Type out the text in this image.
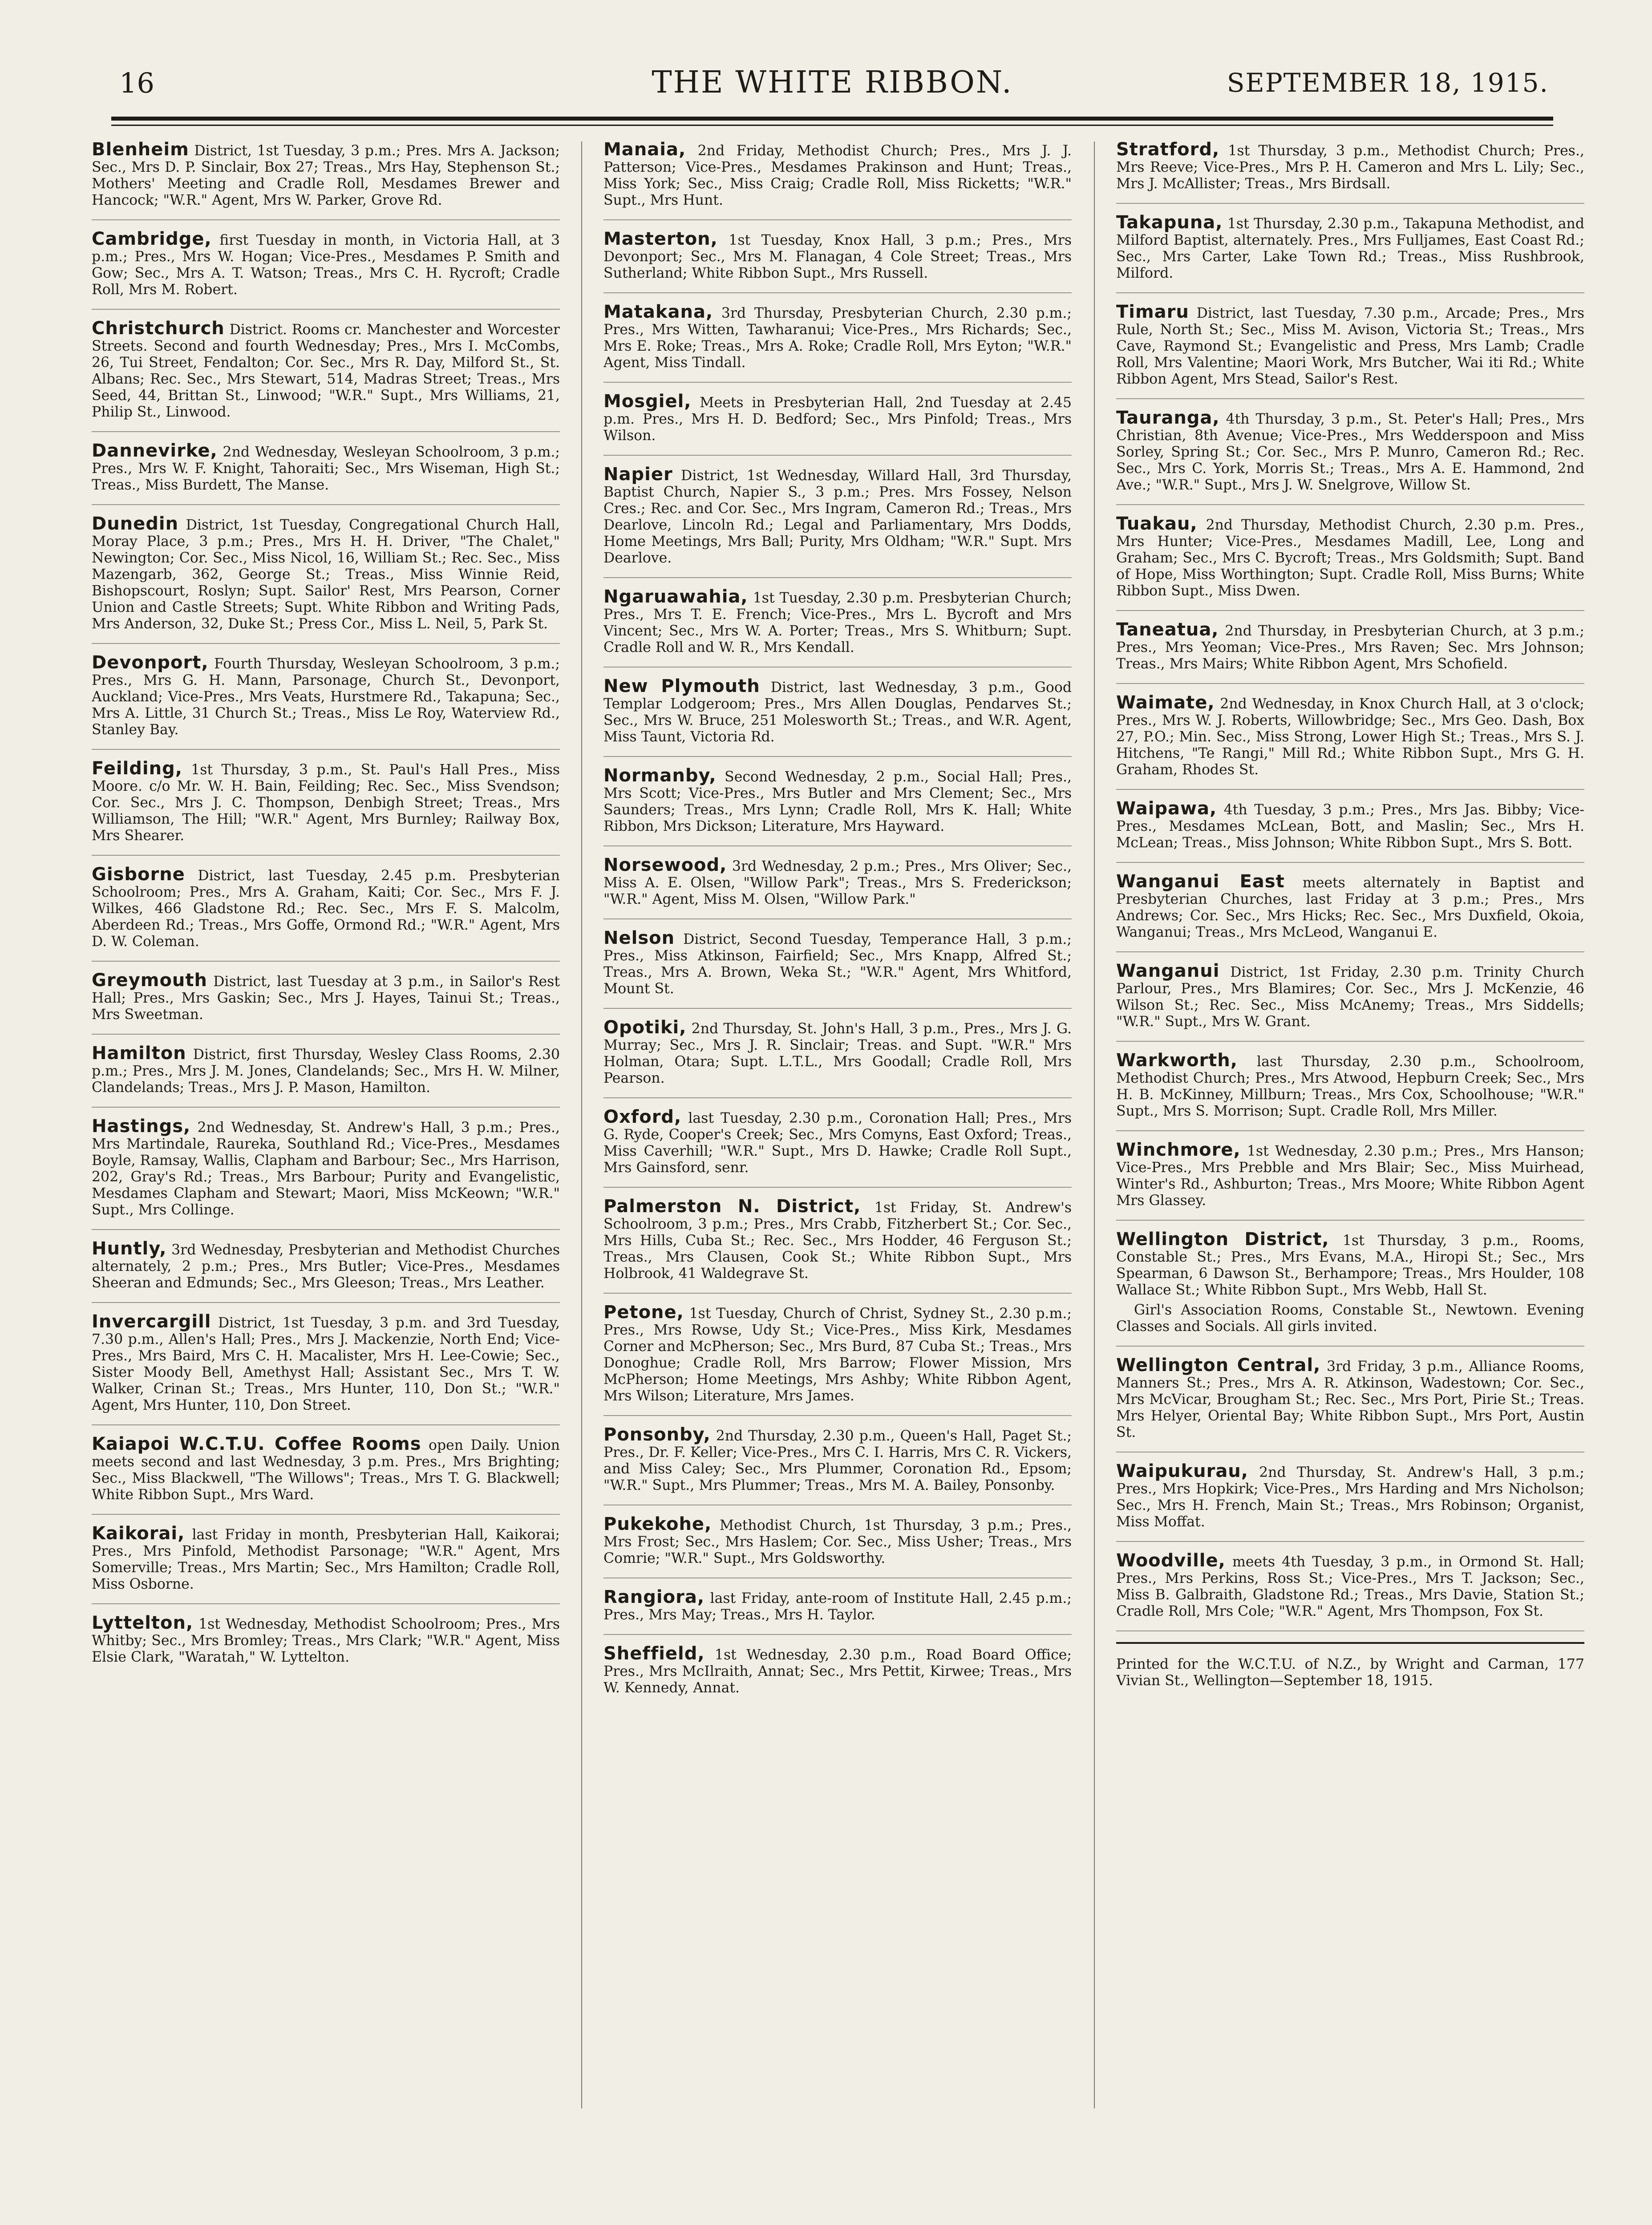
16	THE WHITE RIBBON.	SEPTEMBER 18, 1915.
Blenheim District, 1st Tuesday, 3 p.m.; Pres. Mrs A. Jackson; Sec., Mrs D. P. Sinclair, Box 27; Treas., Mrs Hay, Stephenson St.; Mothers' Meeting and Cradle Roll, Mesdames Brewer and Hancock; "W.R." Agent, Mrs W. Parker, Grove Rd.
Cambridge, first Tuesday in month, in Victoria Hall, at 3 p.m.; Pres., Mrs W. Hogan; Vice-Pres., Mesdames P. Smith and Gow; Sec., Mrs A. T. Watson; Treas., Mrs C. H. Rycroft; Cradle Roll, Mrs M. Robert.
Christchurch District. Rooms cr. Manchester and Worcester Streets. Second and fourth Wednesday; Pres., Mrs I. McCombs, 26, Tui Street, Fendalton; Cor. Sec., Mrs R. Day, Milford St., St. Albans; Rec. Sec., Mrs Stewart, 514, Madras Street; Treas., Mrs Seed, 44, Brittan St., Linwood; "W.R." Supt., Mrs Williams, 21, Philip St., Linwood.
Dannevirke, 2nd Wednesday, Wesleyan Schoolroom, 3 p.m.; Pres., Mrs W. F. Knight, Tahoraiti; Sec., Mrs Wiseman, High St.; Treas., Miss Burdett, The Manse.
Dunedin District, 1st Tuesday, Congregational Church Hall, Moray Place, 3 p.m.; Pres., Mrs H. H. Driver, "The Chalet," Newington; Cor. Sec., Miss Nicol, 16, William St.; Rec. Sec., Miss Mazengarb, 362, George St.; Treas., Miss Winnie Reid, Bishopscourt, Roslyn; Supt. Sailor' Rest, Mrs Pearson, Corner Union and Castle Streets; Supt. White Ribbon and Writing Pads, Mrs Anderson, 32, Duke St.; Press Cor., Miss L. Neil, 5, Park St.
Devonport, Fourth Thursday, Wesleyan Schoolroom, 3 p.m.; Pres., Mrs G. H. Mann, Parsonage, Church St., Devonport, Auckland; Vice-Pres., Mrs Veats, Hurstmere Rd., Takapuna; Sec., Mrs A. Little, 31 Church St.; Treas., Miss Le Roy, Waterview Rd., Stanley Bay.
Feilding, 1st Thursday, 3 p.m., St. Paul's Hall Pres., Miss Moore. c/o Mr. W. H. Bain, Feilding; Rec. Sec., Miss Svendson; Cor. Sec., Mrs J. C. Thompson, Denbigh Street; Treas., Mrs Williamson, The Hill; "W.R." Agent, Mrs Burnley; Railway Box, Mrs Shearer.
Gisborne District, last Tuesday, 2.45 p.m. Presbyterian Schoolroom; Pres., Mrs A. Graham, Kaiti; Cor. Sec., Mrs F. J. Wilkes, 466 Gladstone Rd.; Rec. Sec., Mrs F. S. Malcolm, Aberdeen Rd.; Treas., Mrs Goffe, Ormond Rd.; "W.R." Agent, Mrs D. W. Coleman.
Greymouth District, last Tuesday at 3 p.m., in Sailor's Rest Hall; Pres., Mrs Gaskin; Sec., Mrs J. Hayes, Tainui St.; Treas., Mrs Sweetman.
Hamilton District, first Thursday, Wesley Class Rooms, 2.30 p.m.; Pres., Mrs J. M. Jones, Clandelands; Sec., Mrs H. W. Milner, Clandelands; Treas., Mrs J. P. Mason, Hamilton.
Hastings, 2nd Wednesday, St. Andrew's Hall, 3 p.m.; Pres., Mrs Martindale, Raureka, Southland Rd.; Vice-Pres., Mesdames Boyle, Ramsay, Wallis, Clapham and Barbour; Sec., Mrs Harrison, 202, Gray's Rd.; Treas., Mrs Barbour; Purity and Evangelistic, Mesdames Clapham and Stewart; Maori, Miss McKeown; "W.R." Supt., Mrs Collinge.
Huntly, 3rd Wednesday, Presbyterian and Methodist Churches alternately, 2 p.m.; Pres., Mrs Butler; Vice-Pres., Mesdames Sheeran and Edmunds; Sec., Mrs Gleeson; Treas., Mrs Leather.
Invercargill District, 1st Tuesday, 3 p.m. and 3rd Tuesday, 7.30 p.m., Allen's Hall; Pres., Mrs J. Mackenzie, North End; Vice-Pres., Mrs Baird, Mrs C. H. Macalister, Mrs H. Lee-Cowie; Sec., Sister Moody Bell, Amethyst Hall; Assistant Sec., Mrs T. W. Walker, Crinan St.; Treas., Mrs Hunter, 110, Don St.; "W.R." Agent, Mrs Hunter, 110, Don Street.
Kaiapoi W.C.T.U. Coffee Rooms open Daily. Union meets second and last Wednesday, 3 p.m. Pres., Mrs Brighting; Sec., Miss Blackwell, "The Willows"; Treas., Mrs T. G. Blackwell; White Ribbon Supt., Mrs Ward.
Kaikorai, last Friday in month, Presbyterian Hall, Kaikorai; Pres., Mrs Pinfold, Methodist Parsonage; "W.R." Agent, Mrs Somerville; Treas., Mrs Martin; Sec., Mrs Hamilton; Cradle Roll, Miss Osborne.
Lyttelton, 1st Wednesday, Methodist Schoolroom; Pres., Mrs Whitby; Sec., Mrs Bromley; Treas., Mrs Clark; "W.R." Agent, Miss Elsie Clark, "Waratah," W. Lyttelton.
Manaia, 2nd Friday, Methodist Church; Pres., Mrs J. J. Patterson; Vice-Pres., Mesdames Prakinson and Hunt; Treas., Miss York; Sec., Miss Craig; Cradle Roll, Miss Ricketts; "W.R." Supt., Mrs Hunt.
Masterton, 1st Tuesday, Knox Hall, 3 p.m.; Pres., Mrs Devonport; Sec., Mrs M. Flanagan, 4 Cole Street; Treas., Mrs Sutherland; White Ribbon Supt., Mrs Russell.
Matakana, 3rd Thursday, Presbyterian Church, 2.30 p.m.; Pres., Mrs Witten, Tawharanui; Vice-Pres., Mrs Richards; Sec., Mrs E. Roke; Treas., Mrs A. Roke; Cradle Roll, Mrs Eyton; "W.R." Agent, Miss Tindall.
Mosgiel, Meets in Presbyterian Hall, 2nd Tuesday at 2.45 p.m. Pres., Mrs H. D. Bedford; Sec., Mrs Pinfold; Treas., Mrs Wilson.
Napier District, 1st Wednesday, Willard Hall, 3rd Thursday, Baptist Church, Napier S., 3 p.m.; Pres. Mrs Fossey, Nelson Cres.; Rec. and Cor. Sec., Mrs Ingram, Cameron Rd.; Treas., Mrs Dearlove, Lincoln Rd.; Legal and Parliamentary, Mrs Dodds, Home Meetings, Mrs Ball; Purity, Mrs Oldham; "W.R." Supt. Mrs Dearlove.
Ngaruawahia, 1st Tuesday, 2.30 p.m. Presbyterian Church; Pres., Mrs T. E. French; Vice-Pres., Mrs L. Bycroft and Mrs Vincent; Sec., Mrs W. A. Porter; Treas., Mrs S. Whitburn; Supt. Cradle Roll and W. R., Mrs Kendall.
New Plymouth District, last Wednesday, 3 p.m., Good Templar Lodgeroom; Pres., Mrs Allen Douglas, Pendarves St.; Sec., Mrs W. Bruce, 251 Molesworth St.; Treas., and W.R. Agent, Miss Taunt, Victoria Rd.
Normanby, Second Wednesday, 2 p.m., Social Hall; Pres., Mrs Scott; Vice-Pres., Mrs Butler and Mrs Clement; Sec., Mrs Saunders; Treas., Mrs Lynn; Cradle Roll, Mrs K. Hall; White Ribbon, Mrs Dickson; Literature, Mrs Hayward.
Norsewood, 3rd Wednesday, 2 p.m.; Pres., Mrs Oliver; Sec., Miss A. E. Olsen, "Willow Park"; Treas., Mrs S. Frederickson; "W.R." Agent, Miss M. Olsen, "Willow Park."
Nelson District, Second Tuesday, Temperance Hall, 3 p.m.; Pres., Miss Atkinson, Fairfield; Sec., Mrs Knapp, Alfred St.; Treas., Mrs A. Brown, Weka St.; "W.R." Agent, Mrs Whitford, Mount St.
Opotiki, 2nd Thursday, St. John's Hall, 3 p.m., Pres., Mrs J. G. Murray; Sec., Mrs J. R. Sinclair; Treas. and Supt. "W.R." Mrs Holman, Otara; Supt. L.T.L., Mrs Goodall; Cradle Roll, Mrs Pearson.
Oxford, last Tuesday, 2.30 p.m., Coronation Hall; Pres., Mrs G. Ryde, Cooper's Creek; Sec., Mrs Comyns, East Oxford; Treas., Miss Caverhill; "W.R." Supt., Mrs D. Hawke; Cradle Roll Supt., Mrs Gainsford, senr.
Palmerston N. District, 1st Friday, St. Andrew's Schoolroom, 3 p.m.; Pres., Mrs Crabb, Fitzherbert St.; Cor. Sec., Mrs Hills, Cuba St.; Rec. Sec., Mrs Hodder, 46 Ferguson St.; Treas., Mrs Clausen, Cook St.; White Ribbon Supt., Mrs Holbrook, 41 Waldegrave St.
Petone, 1st Tuesday, Church of Christ, Sydney St., 2.30 p.m.; Pres., Mrs Rowse, Udy St.; Vice-Pres., Miss Kirk, Mesdames Corner and McPherson; Sec., Mrs Burd, 87 Cuba St.; Treas., Mrs Donoghue; Cradle Roll, Mrs Barrow; Flower Mission, Mrs McPherson; Home Meetings, Mrs Ashby; White Ribbon Agent, Mrs Wilson; Literature, Mrs James.
Ponsonby, 2nd Thursday, 2.30 p.m., Queen's Hall, Paget St.; Pres., Dr. F. Keller; Vice-Pres., Mrs C. I. Harris, Mrs C. R. Vickers, and Miss Caley; Sec., Mrs Plummer, Coronation Rd., Epsom; "W.R." Supt., Mrs Plummer; Treas., Mrs M. A. Bailey, Ponsonby.
Pukekohe, Methodist Church, 1st Thursday, 3 p.m.; Pres., Mrs Frost; Sec., Mrs Haslem; Cor. Sec., Miss Usher; Treas., Mrs Comrie; "W.R." Supt., Mrs Goldsworthy.
Rangiora, last Friday, ante-room of Institute Hall, 2.45 p.m.; Pres., Mrs May; Treas., Mrs H. Taylor.
Sheffield, 1st Wednesday, 2.30 p.m., Road Board Office; Pres., Mrs McIlraith, Annat; Sec., Mrs Pettit, Kirwee; Treas., Mrs W. Kennedy, Annat.
Stratford, 1st Thursday, 3 p.m., Methodist Church; Pres., Mrs Reeve; Vice-Pres., Mrs P. H. Cameron and Mrs L. Lily; Sec., Mrs J. McAllister; Treas., Mrs Birdsall.
Takapuna, 1st Thursday, 2.30 p.m., Takapuna Methodist, and Milford Baptist, alternately. Pres., Mrs Fulljames, East Coast Rd.; Sec., Mrs Carter, Lake Town Rd.; Treas., Miss Rushbrook, Milford.
Timaru District, last Tuesday, 7.30 p.m., Arcade; Pres., Mrs Rule, North St.; Sec., Miss M. Avison, Victoria St.; Treas., Mrs Cave, Raymond St.; Evangelistic and Press, Mrs Lamb; Cradle Roll, Mrs Valentine; Maori Work, Mrs Butcher, Wai iti Rd.; White Ribbon Agent, Mrs Stead, Sailor's Rest.
Tauranga, 4th Thursday, 3 p.m., St. Peter's Hall; Pres., Mrs Christian, 8th Avenue; Vice-Pres., Mrs Wedderspoon and Miss Sorley, Spring St.; Cor. Sec., Mrs P. Munro, Cameron Rd.; Rec. Sec., Mrs C. York, Morris St.; Treas., Mrs A. E. Hammond, 2nd Ave.; "W.R." Supt., Mrs J. W. Snelgrove, Willow St.
Tuakau, 2nd Thursday, Methodist Church, 2.30 p.m. Pres., Mrs Hunter; Vice-Pres., Mesdames Madill, Lee, Long and Graham; Sec., Mrs C. Bycroft; Treas., Mrs Goldsmith; Supt. Band of Hope, Miss Worthington; Supt. Cradle Roll, Miss Burns; White Ribbon Supt., Miss Dwen.
Taneatua, 2nd Thursday, in Presbyterian Church, at 3 p.m.; Pres., Mrs Yeoman; Vice-Pres., Mrs Raven; Sec. Mrs Johnson; Treas., Mrs Mairs; White Ribbon Agent, Mrs Schofield.
Waimate, 2nd Wednesday, in Knox Church Hall, at 3 o'clock; Pres., Mrs W. J. Roberts, Willowbridge; Sec., Mrs Geo. Dash, Box 27, P.O.; Min. Sec., Miss Strong, Lower High St.; Treas., Mrs S. J. Hitchens, "Te Rangi," Mill Rd.; White Ribbon Supt., Mrs G. H. Graham, Rhodes St.
Waipawa, 4th Tuesday, 3 p.m.; Pres., Mrs Jas. Bibby; Vice-Pres., Mesdames McLean, Bott, and Maslin; Sec., Mrs H. McLean; Treas., Miss Johnson; White Ribbon Supt., Mrs S. Bott.
Wanganui East meets alternately in Baptist and Presbyterian Churches, last Friday at 3 p.m.; Pres., Mrs Andrews; Cor. Sec., Mrs Hicks; Rec. Sec., Mrs Duxfield, Okoia, Wanganui; Treas., Mrs McLeod, Wanganui E.
Wanganui District, 1st Friday, 2.30 p.m. Trinity Church Parlour, Pres., Mrs Blamires; Cor. Sec., Mrs J. McKenzie, 46 Wilson St.; Rec. Sec., Miss McAnemy; Treas., Mrs Siddells; "W.R." Supt., Mrs W. Grant.
Warkworth, last Thursday, 2.30 p.m., Schoolroom, Methodist Church; Pres., Mrs Atwood, Hepburn Creek; Sec., Mrs H. B. McKinney, Millburn; Treas., Mrs Cox, Schoolhouse; "W.R." Supt., Mrs S. Morrison; Supt. Cradle Roll, Mrs Miller.
Winchmore, 1st Wednesday, 2.30 p.m.; Pres., Mrs Hanson; Vice-Pres., Mrs Prebble and Mrs Blair; Sec., Miss Muirhead, Winter's Rd., Ashburton; Treas., Mrs Moore; White Ribbon Agent Mrs Glassey.
Wellington District, 1st Thursday, 3 p.m., Rooms, Constable St.; Pres., Mrs Evans, M.A., Hiropi St.; Sec., Mrs Spearman, 6 Dawson St., Berhampore; Treas., Mrs Houlder, 108 Wallace St.; White Ribbon Supt., Mrs Webb, Hall St.
Girl's Association Rooms, Constable St., Newtown. Evening Classes and Socials. All girls invited.
Wellington Central, 3rd Friday, 3 p.m., Alliance Rooms, Manners St.; Pres., Mrs A. R. Atkinson, Wadestown; Cor. Sec., Mrs McVicar, Brougham St.; Rec. Sec., Mrs Port, Pirie St.; Treas. Mrs Helyer, Oriental Bay; White Ribbon Supt., Mrs Port, Austin St.
Waipukurau, 2nd Thursday, St. Andrew's Hall, 3 p.m.; Pres., Mrs Hopkirk; Vice-Pres., Mrs Harding and Mrs Nicholson; Sec., Mrs H. French, Main St.; Treas., Mrs Robinson; Organist, Miss Moffat.
Woodville, meets 4th Tuesday, 3 p.m., in Ormond St. Hall; Pres., Mrs Perkins, Ross St.; Vice-Pres., Mrs T. Jackson; Sec., Miss B. Galbraith, Gladstone Rd.; Treas., Mrs Davie, Station St.; Cradle Roll, Mrs Cole; "W.R." Agent, Mrs Thompson, Fox St.
Printed for the W.C.T.U. of N.Z., by Wright and Carman, 177 Vivian St., Wellington—September 18, 1915.
